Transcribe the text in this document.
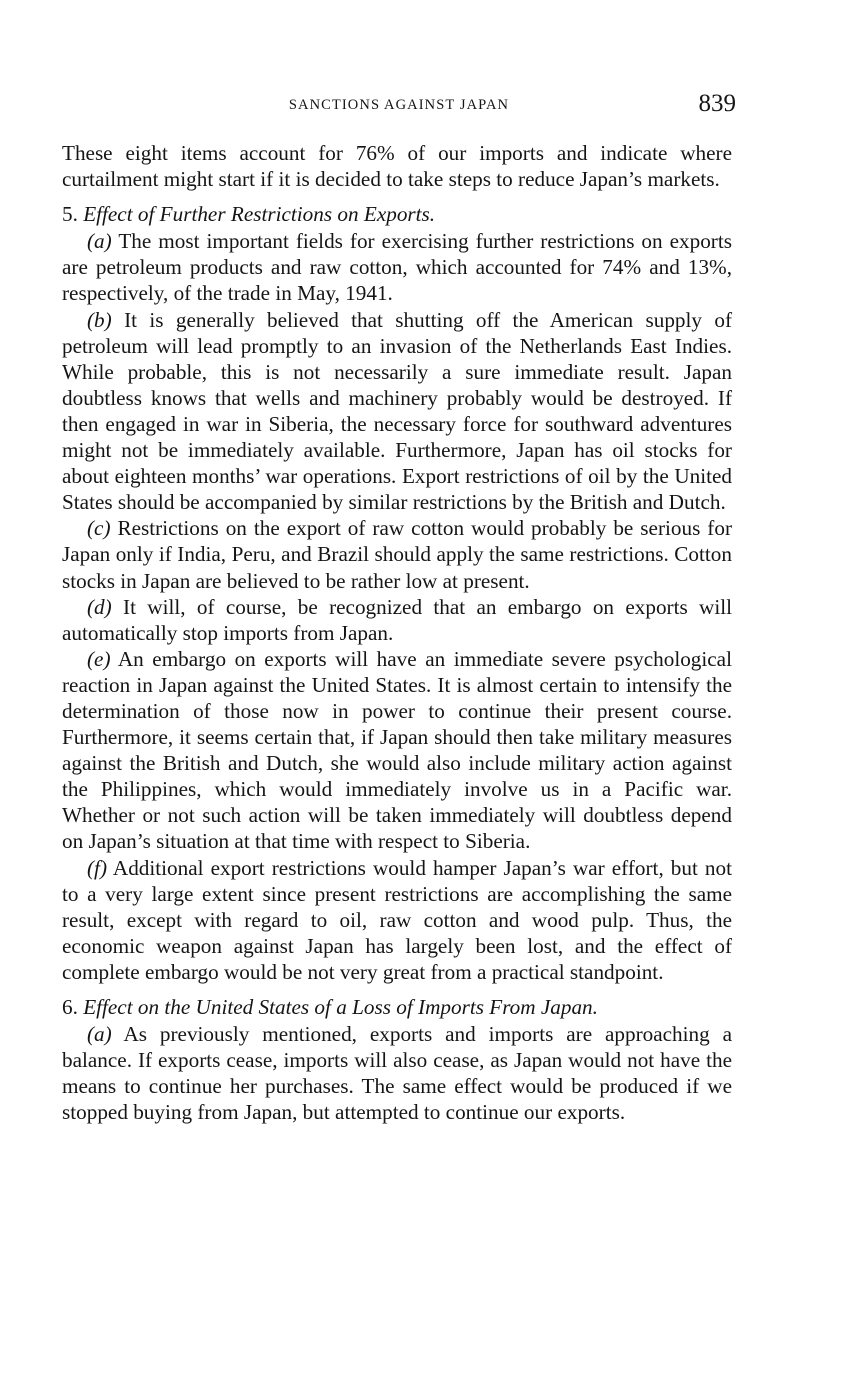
SANCTIONS AGAINST JAPAN	839

These eight items account for 76% of our imports and indicate where curtailment might start if it is decided to take steps to reduce Japan’s markets.

5. Effect of Further Restrictions on Exports.

(a) The most important fields for exercising further restrictions on exports are petroleum products and raw cotton, which accounted for 74% and 13%, respectively, of the trade in May, 1941.

(b) It is generally believed that shutting off the American supply of petroleum will lead promptly to an invasion of the Netherlands East Indies. While probable, this is not necessarily a sure immediate result. Japan doubtless knows that wells and machinery probably would be destroyed. If then engaged in war in Siberia, the necessary force for southward adventures might not be immediately available. Furthermore, Japan has oil stocks for about eighteen months’ war operations. Export restrictions of oil by the United States should be accompanied by similar restrictions by the British and Dutch.

(c) Restrictions on the export of raw cotton would probably be serious for Japan only if India, Peru, and Brazil should apply the same restrictions. Cotton stocks in Japan are believed to be rather low at present.

(d) It will, of course, be recognized that an embargo on exports will automatically stop imports from Japan.

(e) An embargo on exports will have an immediate severe psychological reaction in Japan against the United States. It is almost certain to intensify the determination of those now in power to continue their present course. Furthermore, it seems certain that, if Japan should then take military measures against the British and Dutch, she would also include military action against the Philippines, which would immediately involve us in a Pacific war. Whether or not such action will be taken immediately will doubtless depend on Japan’s situation at that time with respect to Siberia.

(f) Additional export restrictions would hamper Japan’s war effort, but not to a very large extent since present restrictions are accomplishing the same result, except with regard to oil, raw cotton and wood pulp. Thus, the economic weapon against Japan has largely been lost, and the effect of complete embargo would be not very great from a practical standpoint.

6. Effect on the United States of a Loss of Imports From Japan.

(a) As previously mentioned, exports and imports are approaching a balance. If exports cease, imports will also cease, as Japan would not have the means to continue her purchases. The same effect would be produced if we stopped buying from Japan, but attempted to continue our exports.
